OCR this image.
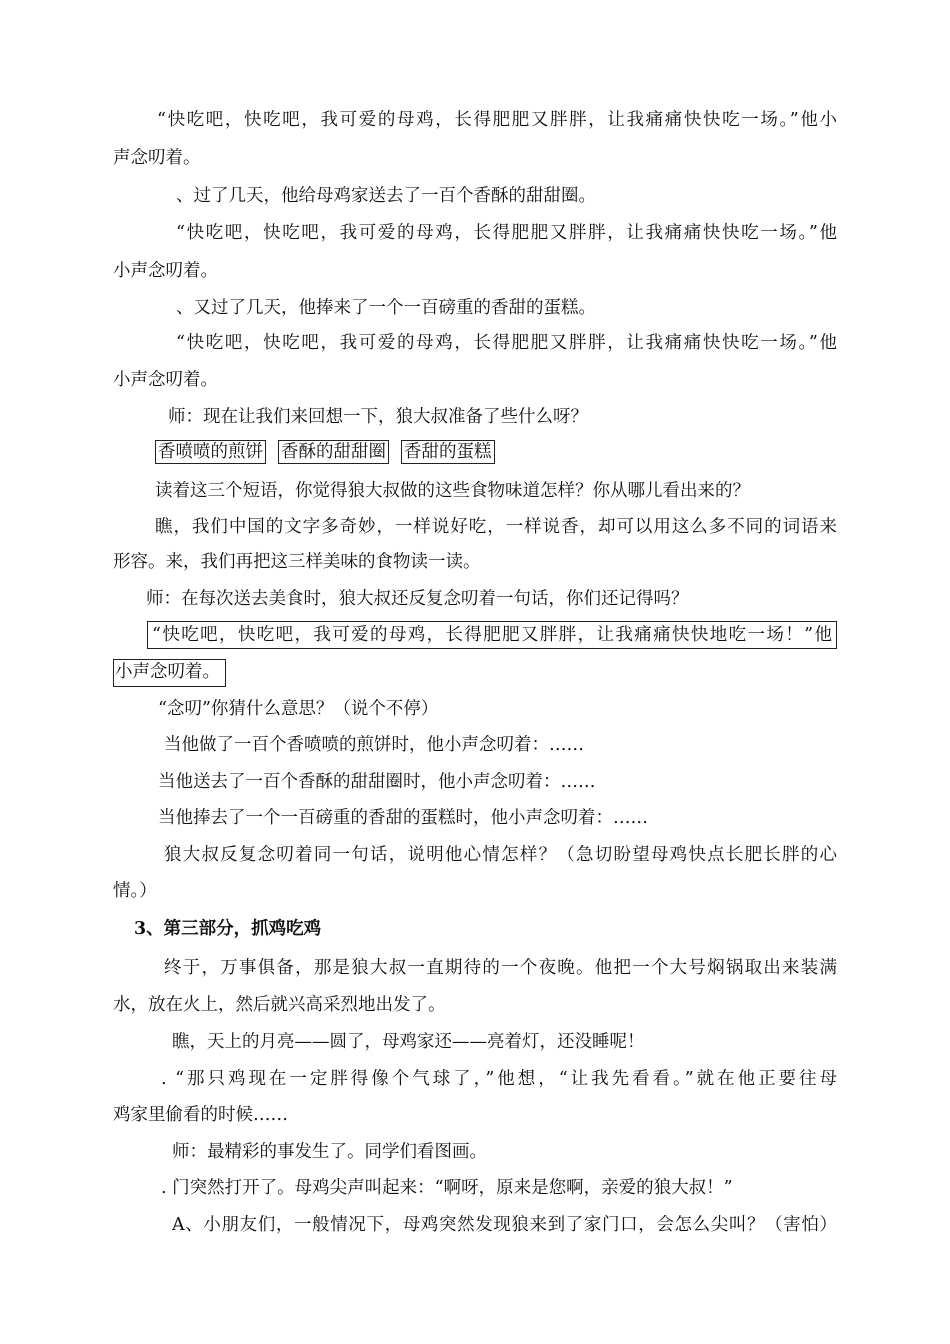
“快吃吧，快吃吧，我可爱的母鸡，长得肥肥又胖胖，让我痛痛快快吃一场。”他小
声念叨着。
、过了几天，他给母鸡家送去了一百个香酥的甜甜圈。
“快吃吧，快吃吧，我可爱的母鸡，长得肥肥又胖胖，让我痛痛快快吃一场。”他
小声念叨着。
、又过了几天，他捧来了一个一百磅重的香甜的蛋糕。
“快吃吧，快吃吧，我可爱的母鸡，长得肥肥又胖胖，让我痛痛快快吃一场。”他
小声念叨着。
师：现在让我们来回想一下，狼大叔准备了些什么呀？
香喷喷的煎饼 香酥的甜甜圈 香甜的蛋糕
读着这三个短语，你觉得狼大叔做的这些食物味道怎样？你从哪儿看出来的？
瞧，我们中国的文字多奇妙，一样说好吃，一样说香，却可以用这么多不同的词语来
形容。来，我们再把这三样美味的食物读一读。
师：在每次送去美食时，狼大叔还反复念叨着一句话，你们还记得吗？
“快吃吧，快吃吧，我可爱的母鸡，长得肥肥又胖胖，让我痛痛快快地吃一场！”他
小声念叨着。
“念叨”你猜什么意思？（说个不停）
当他做了一百个香喷喷的煎饼时，他小声念叨着：……
当他送去了一百个香酥的甜甜圈时，他小声念叨着：……
当他捧去了一个一百磅重的香甜的蛋糕时，他小声念叨着：……
狼大叔反复念叨着同一句话，说明他心情怎样？（急切盼望母鸡快点长肥长胖的心
情。）
3、第三部分，抓鸡吃鸡
终于，万事俱备，那是狼大叔一直期待的一个夜晚。他把一个大号焖锅取出来装满
水，放在火上，然后就兴高采烈地出发了。
瞧，天上的月亮——圆了，母鸡家还——亮着灯，还没睡呢！
. “那只鸡现在一定胖得像个气球了，”他想，“让我先看看。”就在他正要往母
鸡家里偷看的时候……
师：最精彩的事发生了。同学们看图画。
. 门突然打开了。母鸡尖声叫起来：“啊呀，原来是您啊，亲爱的狼大叔！”
A、小朋友们，一般情况下，母鸡突然发现狼来到了家门口，会怎么尖叫？（害怕）
